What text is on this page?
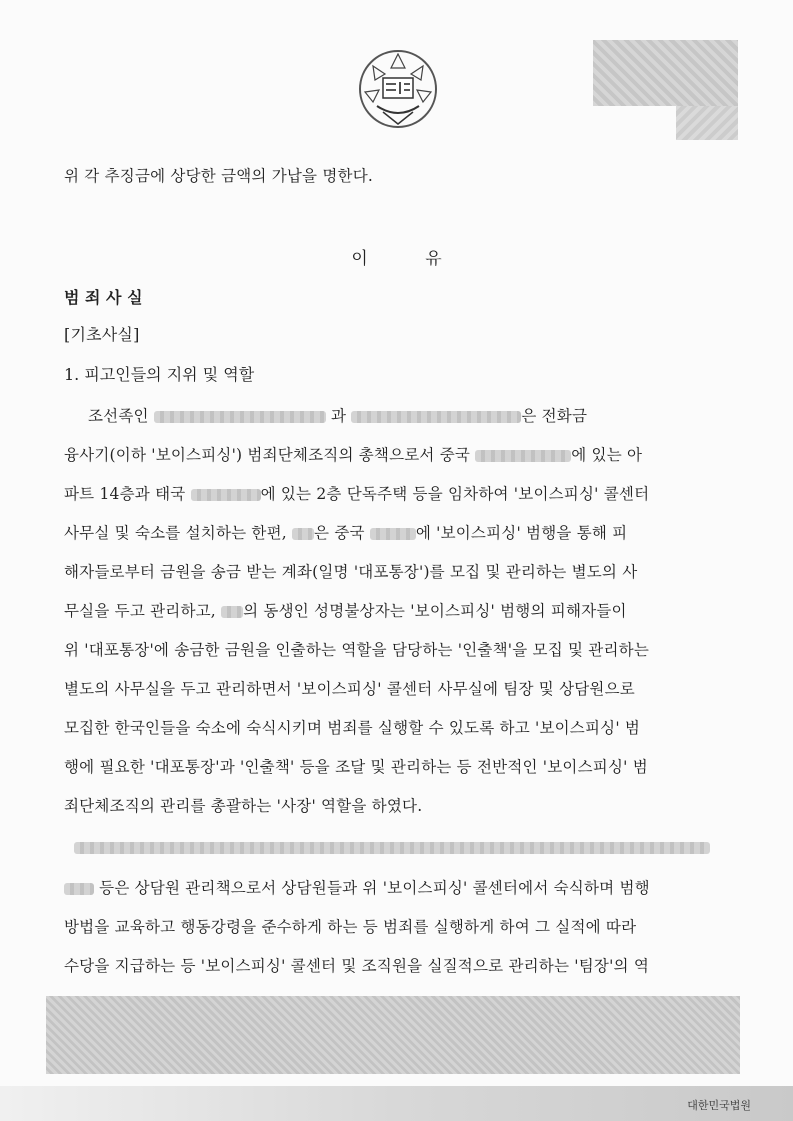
위 각 추징금에 상당한 금액의 가납을 명한다.
이	유
범 죄 사 실
[기초사실]
1. 피고인들의 지위 및 역할
조선족인	과	은 전화금
융사기(이하 '보이스피싱') 범죄단체조직의 총책으로서 중국	에 있는 아
파트 14층과 태국	에 있는 2층 단독주택 등을 임차하여 '보이스피싱' 콜센터
사무실 및 숙소를 설치하는 한편, 은 중국	에 '보이스피싱' 범행을 통해 피
해자들로부터 금원을 송금 받는 계좌(일명 '대포통장')를 모집 및 관리하는 별도의 사
무실을 두고 관리하고, 의 동생인 성명불상자는 '보이스피싱' 범행의 피해자들이
위 '대포통장'에 송금한 금원을 인출하는 역할을 담당하는 '인출책'을 모집 및 관리하는
별도의 사무실을 두고 관리하면서 '보이스피싱' 콜센터 사무실에 팀장 및 상담원으로
모집한 한국인들을 숙소에 숙식시키며 범죄를 실행할 수 있도록 하고 '보이스피싱' 범
행에 필요한 '대포통장'과 '인출책' 등을 조달 및 관리하는 등 전반적인 '보이스피싱' 범
죄단체조직의 관리를 총괄하는 '사장' 역할을 하였다.
등은 상담원 관리책으로서 상담원들과 위 '보이스피싱' 콜센터에서 숙식하며 범행
방법을 교육하고 행동강령을 준수하게 하는 등 범죄를 실행하게 하여 그 실적에 따라
수당을 지급하는 등 '보이스피싱' 콜센터 및 조직원을 실질적으로 관리하는 '팀장'의 역
대한민국법원
